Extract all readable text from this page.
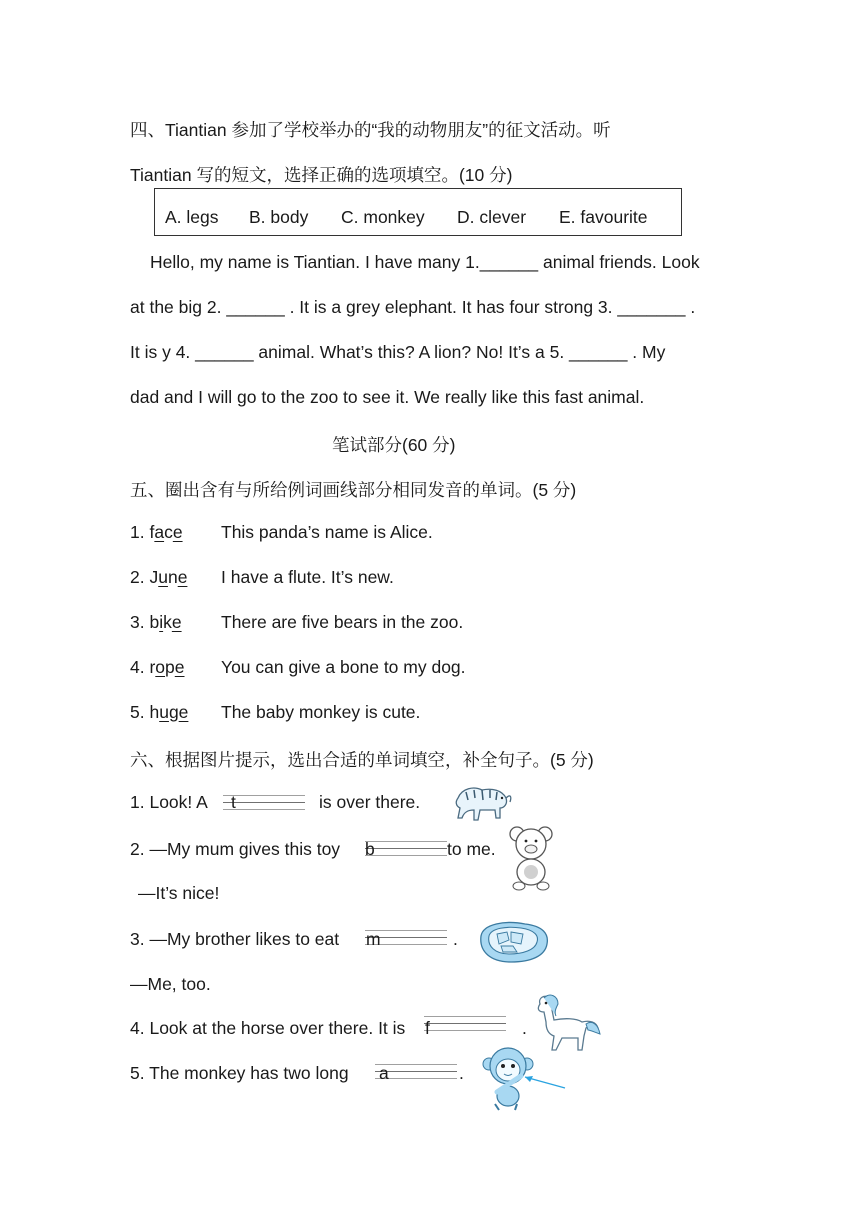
四、Tiantian 参加了学校举办的“我的动物朋友”的征文活动。听
Tiantian 写的短文，选择正确的选项填空。(10 分)
A. legs B. body C. monkey D. clever E. favourite
Hello, my name is Tiantian. I have many 1.______ animal friends. Look
at the big 2. ______ . It is a grey elephant. It has four strong 3. _______ .
It is y 4. ______ animal. What’s this? A lion? No! It’s a 5. ______ . My
dad and I will go to the zoo to see it. We really like this fast animal.
笔试部分(60 分)
五、圈出含有与所给例词画线部分相同发音的单词。(5 分)
1. face This panda’s name is Alice.
2. June I have a flute. It’s new.
3. bike There are five bears in the zoo.
4. rope You can give a bone to my dog.
5. huge The baby monkey is cute.
六、根据图片提示，选出合适的单词填空，补全句子。(5 分)
1. Look! A t	is over there.
2. —My mum gives this toy b	to me.
—It’s nice!
3. —My brother likes to eat m	.
—Me, too.
4. Look at the horse over there. It is f	.
5. The monkey has two long a	.
